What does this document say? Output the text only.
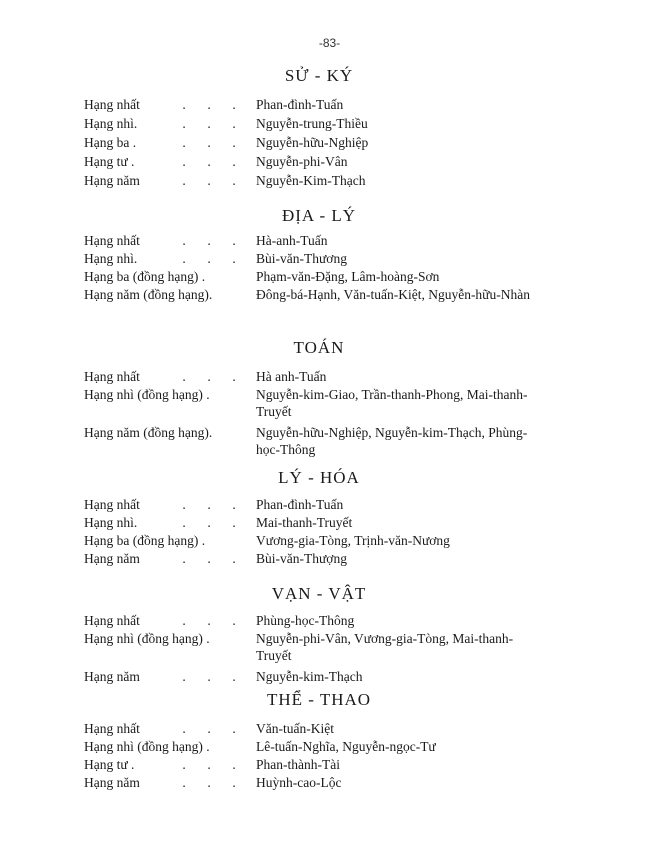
-83-
SỬ - KÝ
Hạng nhất	.	.	.	Phan-đình-Tuấn
Hạng nhì.	.	.	.	Nguyễn-trung-Thiều
Hạng ba .	.	.	.	Nguyễn-hữu-Nghiệp
Hạng tư .	.	.	.	Nguyễn-phi-Vân
Hạng năm	.	.	.	Nguyễn-Kim-Thạch
ĐỊA - LÝ
Hạng nhất	.	.	.	Hà-anh-Tuấn
Hạng nhì.	.	.	.	Bùi-văn-Thương
Hạng ba (đồng hạng) .	Phạm-văn-Đặng, Lâm-hoàng-Sơn
Hạng năm (đồng hạng).	Đông-bá-Hạnh, Văn-tuấn-Kiệt, Nguyễn-hữu-Nhàn
TOÁN
Hạng nhất	.	.	.	Hà anh-Tuấn
Hạng nhì (đồng hạng) .	Nguyễn-kim-Giao, Trần-thanh-Phong, Mai-thanh-Truyết
Hạng năm (đồng hạng).	Nguyễn-hữu-Nghiệp, Nguyễn-kim-Thạch, Phùng-học-Thông
LÝ - HÓA
Hạng nhất	.	.	.	Phan-đình-Tuấn
Hạng nhì.	.	.	.	Mai-thanh-Truyết
Hạng ba (đồng hạng) .	Vương-gia-Tòng, Trịnh-văn-Nương
Hạng năm	.	.	.	Bùi-văn-Thượng
VẠN - VẬT
Hạng nhất	.	.	.	Phùng-học-Thông
Hạng nhì (đồng hạng) .	Nguyễn-phi-Vân, Vương-gia-Tòng, Mai-thanh-Truyết
Hạng năm	.	.	.	Nguyễn-kim-Thạch
THỂ - THAO
Hạng nhất	.	.	.	Văn-tuấn-Kiệt
Hạng nhì (đồng hạng) .	Lê-tuấn-Nghĩa, Nguyễn-ngọc-Tư
Hạng tư .	.	.	.	Phan-thành-Tài
Hạng năm	.	.	.	Huỳnh-cao-Lộc
